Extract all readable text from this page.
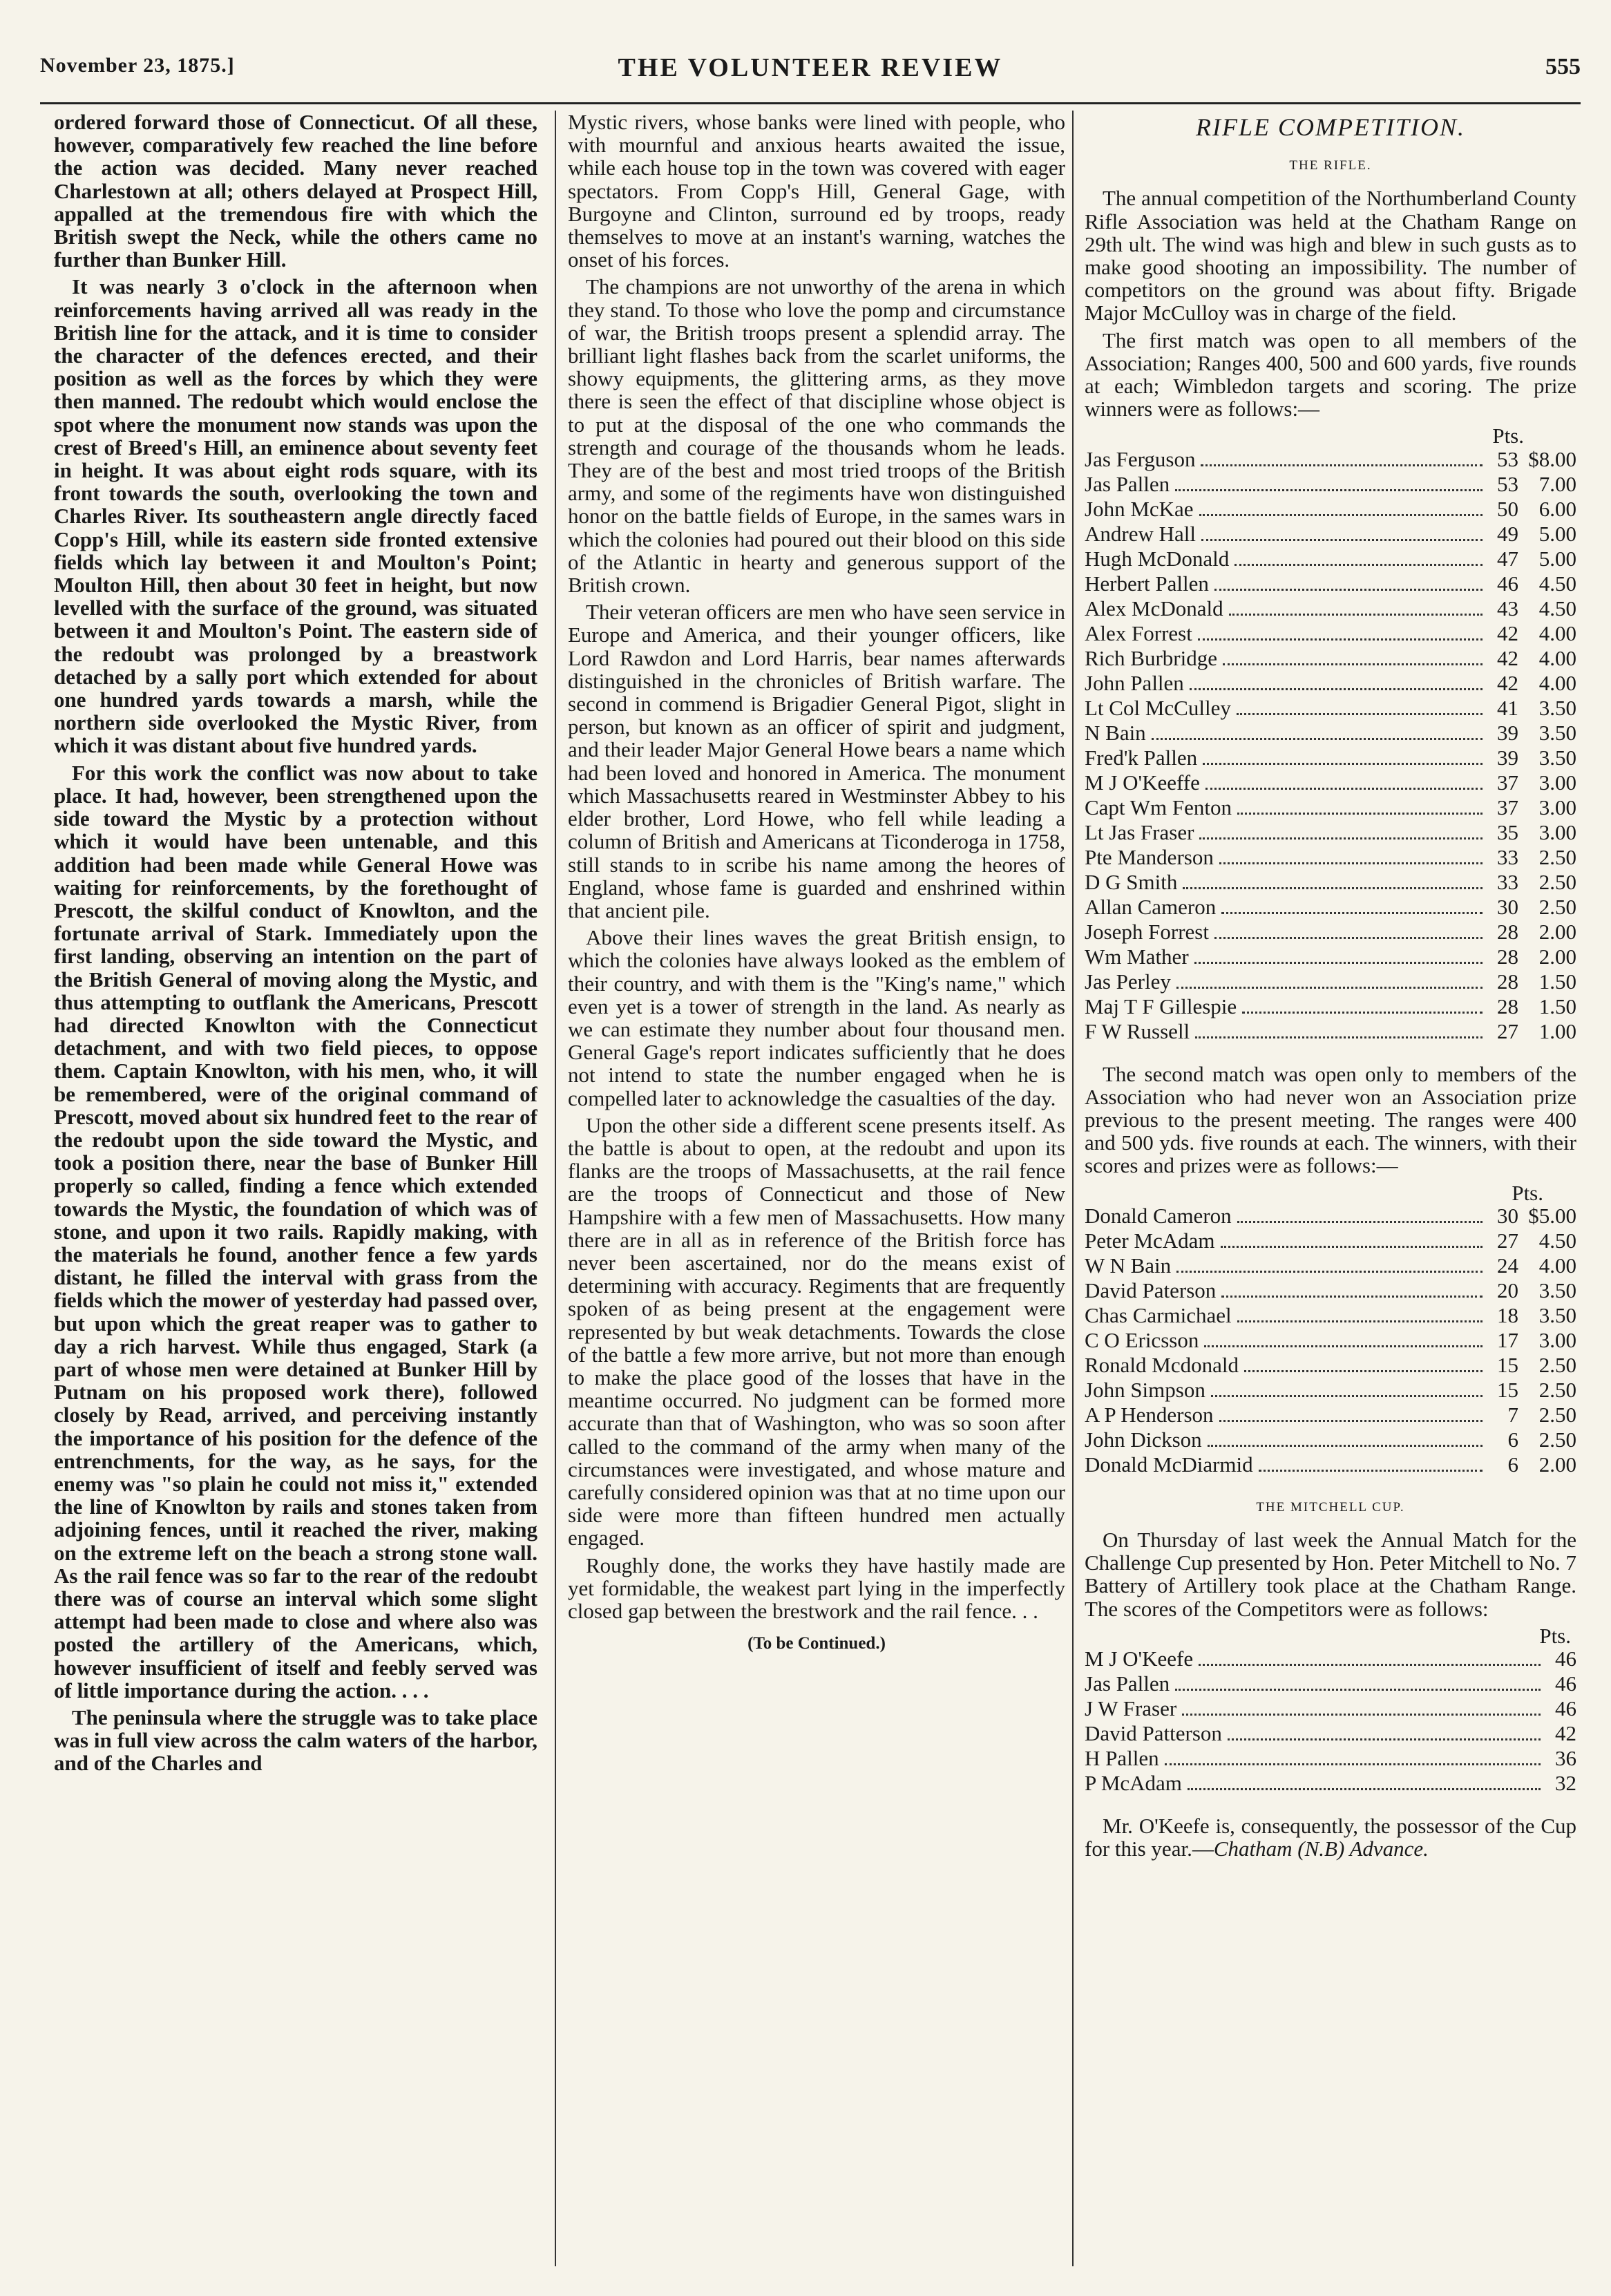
November 23, 1875.]	THE VOLUNTEER REVIEW	555

ordered forward those of Connecticut. Of all these, however, comparatively few reached the line before the action was decided. Many never reached Charlestown at all; others delayed at Prospect Hill, appalled at the tremendous fire with which the British swept the Neck, while the others came no further than Bunker Hill.

It was nearly 3 o'clock in the afternoon when reinforcements having arrived all was ready in the British line for the attack, and it is time to consider the character of the defences erected, and their position as well as the forces by which they were then manned. The redoubt which would enclose the spot where the monument now stands was upon the crest of Breed's Hill, an eminence about seventy feet in height. It was about eight rods square, with its front towards the south, overlooking the town and Charles River. Its southeastern angle directly faced Copp's Hill, while its eastern side fronted extensive fields which lay between it and Moulton's Point; Moulton Hill, then about 30 feet in height, but now levelled with the surface of the ground, was situated between it and Moulton's Point. The eastern side of the redoubt was prolonged by a breastwork detached by a sally port which extended for about one hundred yards towards a marsh, while the northern side overlooked the Mystic River, from which it was distant about five hundred yards.

For this work the conflict was now about to take place. It had, however, been strengthened upon the side toward the Mystic by a protection without which it would have been untenable, and this addition had been made while General Howe was waiting for reinforcements, by the forethought of Prescott, the skilful conduct of Knowlton, and the fortunate arrival of Stark. Immediately upon the first landing, observing an intention on the part of the British General of moving along the Mystic, and thus attempting to outflank the Americans, Prescott had directed Knowlton with the Connecticut detachment, and with two field pieces, to oppose them. Captain Knowlton, with his men, who, it will be remembered, were of the original command of Prescott, moved about six hundred feet to the rear of the redoubt upon the side toward the Mystic, and took a position there, near the base of Bunker Hill properly so called, finding a fence which extended towards the Mystic, the foundation of which was of stone, and upon it two rails. Rapidly making, with the materials he found, another fence a few yards distant, he filled the interval with grass from the fields which the mower of yesterday had passed over, but upon which the great reaper was to gather to day a rich harvest. While thus engaged, Stark (a part of whose men were detained at Bunker Hill by Putnam on his proposed work there), followed closely by Read, arrived, and perceiving instantly the importance of his position for the defence of the entrenchments, for the way, as he says, for the enemy was "so plain he could not miss it," extended the line of Knowlton by rails and stones taken from adjoining fences, until it reached the river, making on the extreme left on the beach a strong stone wall. As the rail fence was so far to the rear of the redoubt there was of course an interval which some slight attempt had been made to close and where also was posted the artillery of the Americans, which, however insufficient of itself and feebly served was of little importance during the action. . . .

The peninsula where the struggle was to take place was in full view across the calm waters of the harbor, and of the Charles and

Mystic rivers, whose banks were lined with people, who with mournful and anxious hearts awaited the issue, while each house top in the town was covered with eager spectators. From Copp's Hill, General Gage, with Burgoyne and Clinton, surround ed by troops, ready themselves to move at an instant's warning, watches the onset of his forces.

The champions are not unworthy of the arena in which they stand. To those who love the pomp and circumstance of war, the British troops present a splendid array. The brilliant light flashes back from the scarlet uniforms, the showy equipments, the glittering arms, as they move there is seen the effect of that discipline whose object is to put at the disposal of the one who commands the strength and courage of the thousands whom he leads. They are of the best and most tried troops of the British army, and some of the regiments have won distinguished honor on the battle fields of Europe, in the sames wars in which the colonies had poured out their blood on this side of the Atlantic in hearty and generous support of the British crown.

Their veteran officers are men who have seen service in Europe and America, and their younger officers, like Lord Rawdon and Lord Harris, bear names afterwards distinguished in the chronicles of British warfare. The second in commend is Brigadier General Pigot, slight in person, but known as an officer of spirit and judgment, and their leader Major General Howe bears a name which had been loved and honored in America. The monument which Massachusetts reared in Westminster Abbey to his elder brother, Lord Howe, who fell while leading a column of British and Americans at Ticonderoga in 1758, still stands to in scribe his name among the heores of England, whose fame is guarded and enshrined within that ancient pile.

Above their lines waves the great British ensign, to which the colonies have always looked as the emblem of their country, and with them is the "King's name," which even yet is a tower of strength in the land. As nearly as we can estimate they number about four thousand men. General Gage's report indicates sufficiently that he does not intend to state the number engaged when he is compelled later to acknowledge the casualties of the day.

Upon the other side a different scene presents itself. As the battle is about to open, at the redoubt and upon its flanks are the troops of Massachusetts, at the rail fence are the troops of Connecticut and those of New Hampshire with a few men of Massachusetts. How many there are in all as in reference of the British force has never been ascertained, nor do the means exist of determining with accuracy. Regiments that are frequently spoken of as being present at the engagement were represented by but weak detachments. Towards the close of the battle a few more arrive, but not more than enough to make the place good of the losses that have in the meantime occurred. No judgment can be formed more accurate than that of Washington, who was so soon after called to the command of the army when many of the circumstances were investigated, and whose mature and carefully considered opinion was that at no time upon our side were more than fifteen hundred men actually engaged.

Roughly done, the works they have hastily made are yet formidable, the weakest part lying in the imperfectly closed gap between the brestwork and the rail fence. . .

(To be Continued.)
RIFLE COMPETITION.
THE RIFLE.

The annual competition of the Northumberland County Rifle Association was held at the Chatham Range on 29th ult. The wind was high and blew in such gusts as to make good shooting an impossibility. The number of competitors on the ground was about fifty. Brigade Major McCulloy was in charge of the field.

The first match was open to all members of the Association; Ranges 400, 500 and 600 yards, five rounds at each; Wimbledon targets and scoring. The prize winners were as follows:—

Pts.
Jas Ferguson	53 $8.00
Jas Pallen	53 7.00
John McKae	50 6.00
Andrew Hall	49 5.00
Hugh McDonald	47 5.00
Herbert Pallen	46 4.50
Alex McDonald	43 4.50
Alex Forrest	42 4.00
Rich Burbridge	42 4.00
John Pallen	42 4.00
Lt Col McCulley	41 3.50
N Bain	39 3.50
Fred'k Pallen	39 3.50
M J O'Keeffe	37 3.00
Capt Wm Fenton	37 3.00
Lt Jas Fraser	35 3.00
Pte Manderson	33 2.50
D G Smith	33 2.50
Allan Cameron	30 2.50
Joseph Forrest	28 2.00
Wm Mather	28 2.00
Jas Perley	28 1.50
Maj T F Gillespie	28 1.50
F W Russell	27 1.00

The second match was open only to members of the Association who had never won an Association prize previous to the present meeting. The ranges were 400 and 500 yds. five rounds at each. The winners, with their scores and prizes were as follows:—

Pts.
Donald Cameron	30 $5.00
Peter McAdam	27 4.50
W N Bain	24 4.00
David Paterson	20 3.50
Chas Carmichael	18 3.50
C O Ericsson	17 3.00
Ronald Mcdonald	15 2.50
John Simpson	15 2.50
A P Henderson	7 2.50
John Dickson	6 2.50
Donald McDiarmid	6 2.00
THE MITCHELL CUP.

On Thursday of last week the Annual Match for the Challenge Cup presented by Hon. Peter Mitchell to No. 7 Battery of Artillery took place at the Chatham Range. The scores of the Competitors were as follows:

Pts.
M J O'Keefe	46
Jas Pallen	46
J W Fraser	46
David Patterson	42
H Pallen	36
P McAdam	32

Mr. O'Keefe is, consequently, the possessor of the Cup for this year.—Chatham (N.B) Advance.
